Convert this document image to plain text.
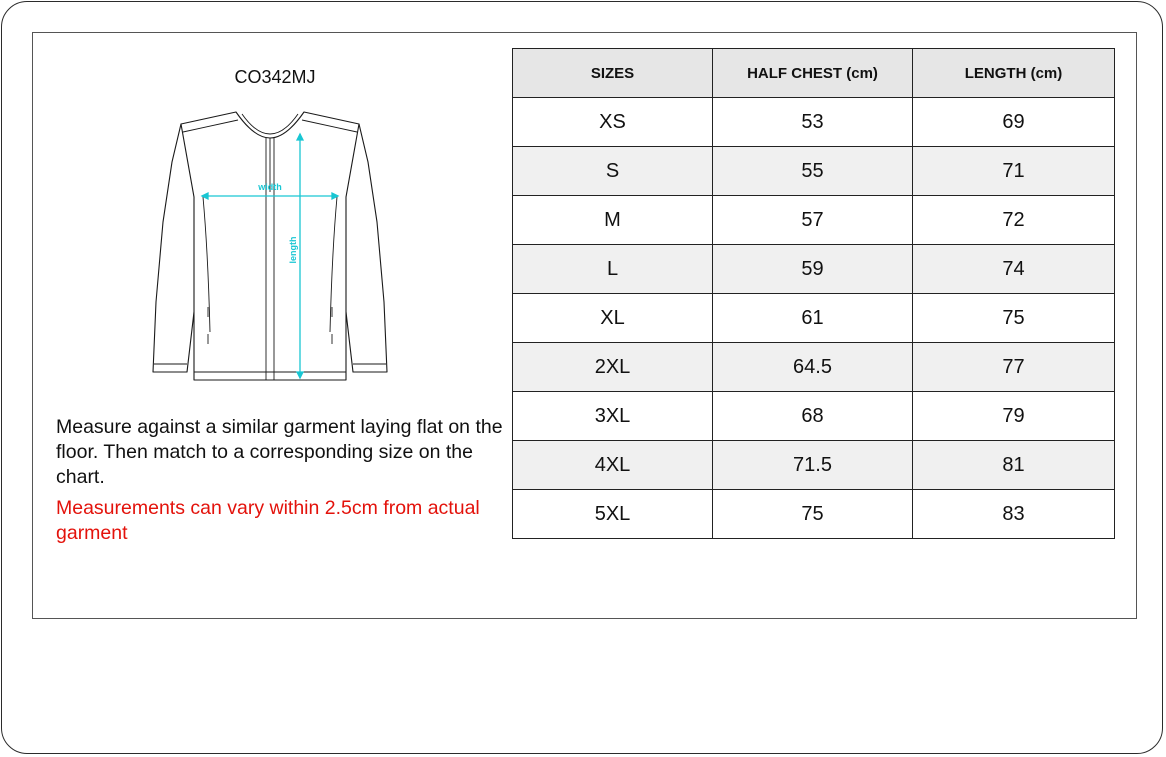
CO342MJ
width
length
Measure against a similar garment laying flat on the floor. Then match to a corresponding size on the chart.
Measurements can vary within 2.5cm from actual garment
SIZES	HALF CHEST (cm)	LENGTH (cm)
XS	53	69
S	55	71
M	57	72
L	59	74
XL	61	75
2XL	64.5	77
3XL	68	79
4XL	71.5	81
5XL	75	83
